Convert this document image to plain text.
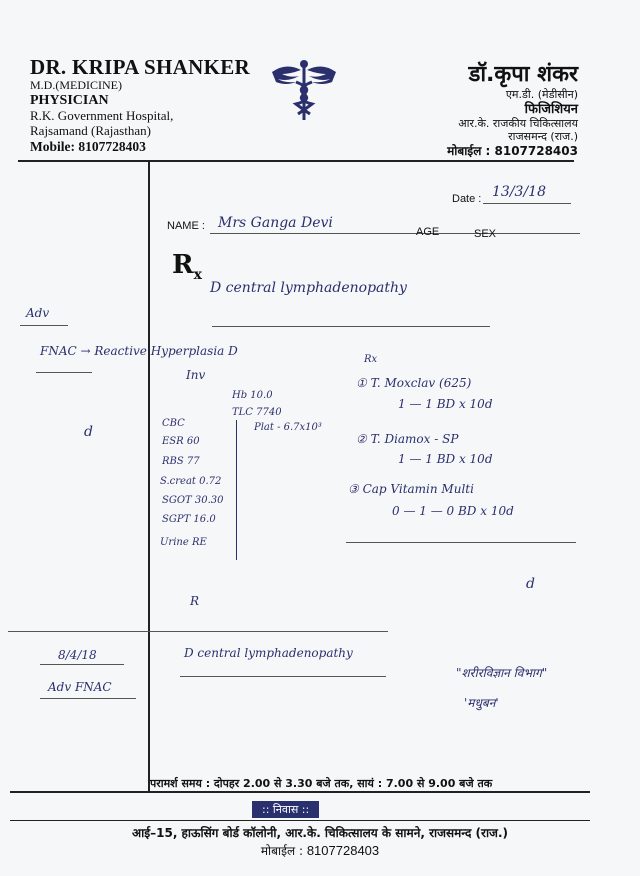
DR. KRIPA SHANKER
M.D.(MEDICINE)
PHYSICIAN
R.K. Government Hospital,
Rajsamand (Rajasthan)
Mobile: 8107728403
डॉ.कृपा शंकर
एम.डी. (मेडीसीन)
फिजिशियन
आर.के. राजकीय चिकित्सालय
राजसमन्द (राज.)
मोबाईल : 8107728403
Date :
NAME :	AGE	SEX
$R_x$
13/3/18
Mrs Ganga Devi
D central lymphadenopathy
Adv
FNAC → Reactive Hyperplasia D
Inv
Hb 10.0
TLC 7740
CBC	Plat - 6.7x10³
ESR 60
RBS 77
S.creat 0.72
SGOT 30.30
SGPT 16.0
Urine RE
d
Rx
① T. Moxclav (625)
1 — 1 BD x 10d
② T. Diamox - SP
1 — 1 BD x 10d
③ Cap Vitamin Multi
0 — 1 — 0 BD x 10d
d
R
8/4/18
Adv FNAC
D central lymphadenopathy
"शरीरविज्ञान विभाग"
'मधुबन'
परामर्श समय : दोपहर 2.00 से 3.30 बजे तक, सायं : 7.00 से 9.00 बजे तक
:: निवास ::
आई–15, हाऊसिंग बोर्ड कॉलोनी, आर.के. चिकित्सालय के सामने, राजसमन्द (राज.)
मोबाईल : 8107728403
